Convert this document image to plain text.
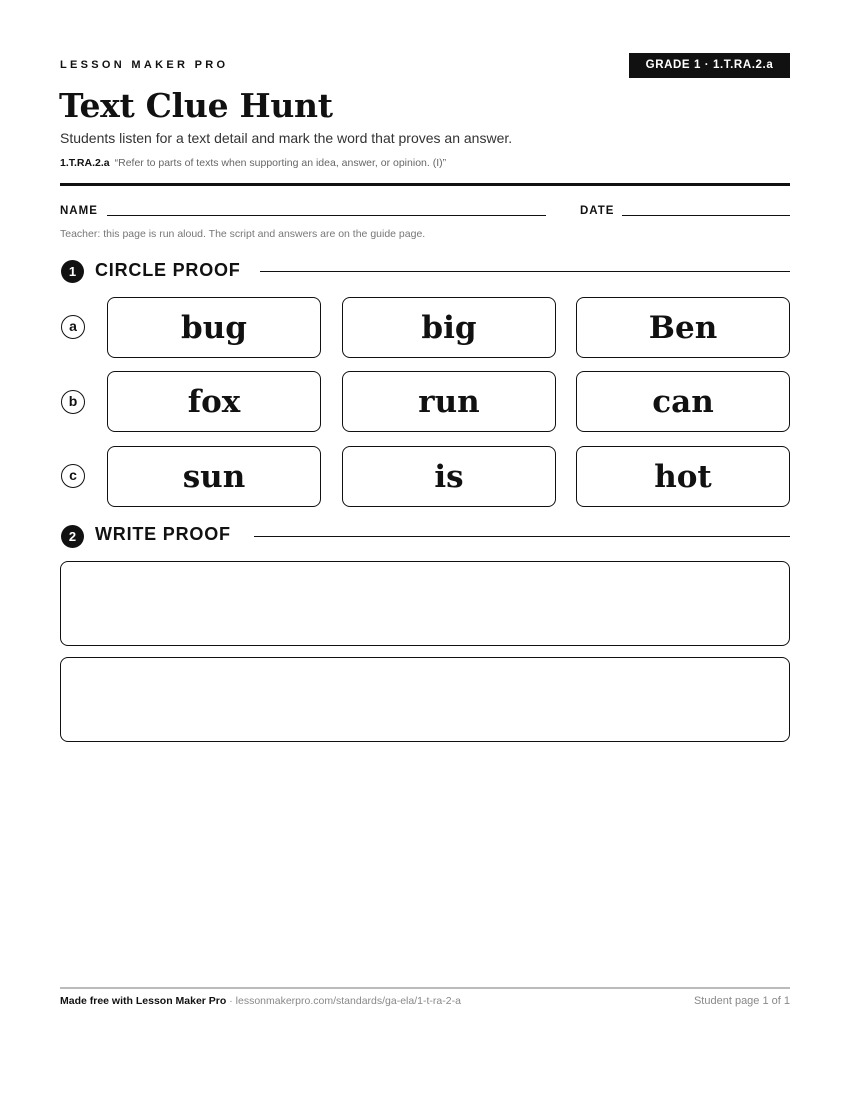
LESSON MAKER PRO	GRADE 1 · 1.T.RA.2.a
Text Clue Hunt
Students listen for a text detail and mark the word that proves an answer.
1.T.RA.2.a “Refer to parts of texts when supporting an idea, answer, or opinion. (I)”
NAME	DATE
Teacher: this page is run aloud. The script and answers are on the guide page.
1	CIRCLE PROOF
a	bug	big	Ben
b	fox	run	can
c	sun	is	hot
2	WRITE PROOF
Made free with Lesson Maker Pro · lessonmakerpro.com/standards/ga-ela/1-t-ra-2-a	Student page 1 of 1
